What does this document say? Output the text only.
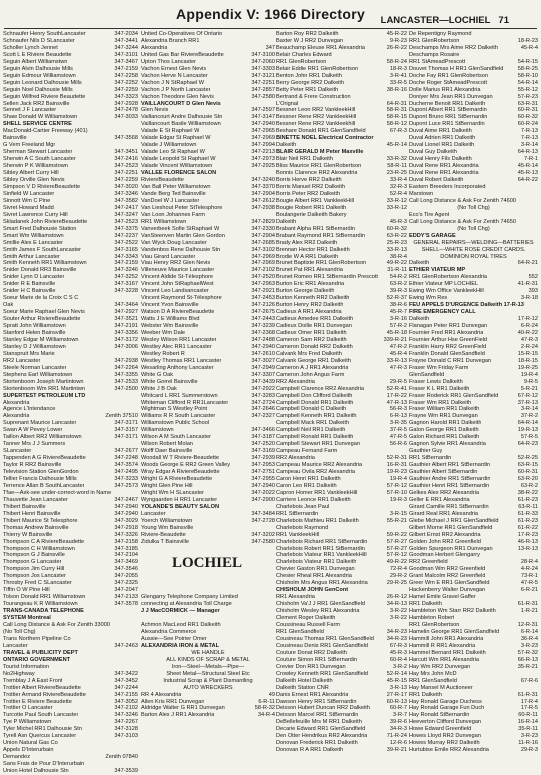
Appendix V: 1966 Directory	LANCASTER—LOCHIEL 71
Schnaufer Henry SouthLancaster	347-2034
Schnaufer Nils D SLancaster	347-3441
Scholler Lynch Jennet	347-3244
Scott L E Riviere Beaudette	347-3101
Seguin Albert Williamstwn	347-3467
Seguin Alvin Dalhousie Mills	347-2159
Seguin Edmour Williamstown	347-2258
Seguin Leonard Dalhousie Mills	347-2252
Seguin Noel Dalhousie Mills	347-2259
Seguin Wilfred Riviere Beaudette	347-3323
Sellen Jack RR2 Bainsville	347-2928
Sennet J F Lancaster	347-2478
Shaw Donald W Williamstown	347-3033
SHELL SERVICE CENTRE
MacDonald-Cartier Freeway (401)
Bainsville	347-3568
G Vern Freeland Mgr
Sherman Stewart Lancaster	347-3451
Sherwin A C South Lancaster	347-2416
Sherwin P K Williamstown	347-2523
Sibley Albert Curry Hill	347-2251
Sibley Orville Glen Nevis	347-2259
Simpson V D RiviereBeaudette	347-3020
Sinfield W Lancaster	347-3346
Sinnott Wm C Pine	347-3582
Sivret Howard Madd	347-2417
Sivret Lawrence Curry Hill	347-3247
Skladanek John RiviereBeaudette	347-2523
Smart Fred Dalhousie Station	347-3375
Smart Wm Williamstown	347-2237
Smillie Alex E Lancaster	347-2522
Smith James F SouthLancaster	347-3165
Smith Arthur Lancaster	347-3343
Smith Kenneth RR1 Williamstown	347-2159
Snider Donald RR3 Bainsville	347-3246
Snider Lynn D Lancaster	347-3252
Snider R E Bainsville	347-3167
Snider H C Bainsville	347-3228
Soeur Marie de la Croix C S C
Oak	347-3464
Soeur Marie Raphael Glen Nevis	347-2927
Souter Arthur RiviereBeaudette	347-3521
Spratt John Williamstown	347-2191
Stanford Helen Bainsville	347-3356
Stanley Edgar M Williamstown	347-3172
Stanley D J Williamstown	347-3006
Stanspruit Mrs Marie
RR2 Lancaster	347-2938
Steele Norman Lancaster	347-2264
Stephens Earl Williamstown	347-3355
Stortenboom Joseph Martintown	347-2533
Stortenboom Wm RR1 Martintwn	347-2500
SUPERTEST PETROLEUM LTD
Alexandria
Agence L'Intendance
Alexandria	Zenith 37510
Suprenant Maurice Lancaster	347-3171
Swan A W Pevey Lower	347-3157
Taillon Albert RR2 Williamstown	347-3171
Tanner Mrs J J Summers
SLancaster	347-2677
Tappenden A G RiviereBeaudette	347-2248
Taylor R RR2 Bainsville	347-3574
Television Station GlenGordon	347-2495
Tellier Francis Dalhousie Mills	347-3233
Terrence Allan B SouthLancaster	347-2573
Tfae—Ask-see under-correct-word in Name
Thauvette Jean Lancaster	347-2467
Thibert Bainsville	347-2940
Thibert Henri Bainsville	347-2940
Thibert Maurice St Telesphore	347-3029
Thomas Andrew Bainsville	347-2918
Thierry W Bainsville	347-3326
Thompson C A RiviereBeaudette	347-2158
Thompson C H Williamstown	347-3185
Thompson G J Bainsville	347-2104
Thompson G Lancaster	347-3469
Thompson Jim Curry Hill	347-3546
Thompson Jos Lancaster	347-2055
Throsby Fred C SLancaster	347-2325
Tiffin O W Pine Hill	347-2047
Tolson Donald RR1 Williamstown	347-2133
Tourangeau K R Williamstown	347-3578
TRANS-CANADA TELEPHONE
SYSTEM Montreal
Call Long Distance & Ask For Zenith 33000
(No Toll Chg)
Trans Northern Pipeline Co
Lancaster	347-2463
TRAVEL & PUBLICITY DEPT
ONTARIO GOVERNMENT
Tourist Information
No2Highway	347-3422
Tremblay J A East Front	347-3452
Trottier Albert RiviereBeaudette	347-2244
Trottier Armand RiviereBeaudette	347-2155
Trottier E Riviere Beaudette	347-3052
Trottier O Lancaster	347-2102
Turcotte Paul South Lancaster	347-3246
Tye P Williamstown	347-2267
Tyler Michel RR1 Dalhousie Stn	347-3128
Tyrell Asn Quercus Lancaster	347-3103
Union Natural Gas Co
Appels D'Interurbain
Demandez	Zenith 07840
Sans Frais de Pour D'Interurbain
Union Hotel Dalhousie Stn	347-3539
United Co-Operatives Of Ontario
Alexandria Branch RR1
Alexandria	347
United Gas Bar RiviereBeaudette	347-3100
Upton Thos Lancaster	347-2060
Vachon Ernest Glen Nevis	347-3303
Vachon Herve N Lancaster	347-3121
Vachon J N StRaphael W	347-2251
Vachon J P North Lancaster	347-2857
Vachon Theodore Glen Nevis	347-2580
VAILLANCOURT D Glen Nevis
Glen Nevis	347-2597
Vaillancourt Andre Dalhousie Stn	347-3147
Vaillancourt Basile Williamstown	347-2940
Valade E St Raphael W	347-2965
Valade Edgar St Raphael W	347-2969
Valade J Williamstown	347-2994
Valade Leo St Raphael W	347-2213
Valade Leopold St Raphael W	347-2973
Valade Vincent Williamstown	347-2925
VALLEE FLORENCE SALON
RiviereBeaudette	347-3240
Van Ball Peter Williamstown	347-3370
Vande Berg Ted Bainsville	347-2904
VanDoel W J Lancaster	347-2612
Van Lieshout Peter StTelesphore	347-2938
Van Loon Johannes Farm
RR1 Williamstown	347-2829
Vanverbeek Sofie StRaphael W	347-2330
VanSteenven Martin Glen Gordon	347-2904
Van Wyck Doug Lancaster	347-2685
Vandenbos Rene Dalhousie Stn	347-3102
Viau Girard Lancaster	347-2969
Viau Henry RR2 Glen Nevis	347-2969
Villeneuve Maurice Lancaster	347-2102
Vincent Aldide St-Télesphore	347-2520
Vincent John StRaphaelWest	347-2963
Vincent Leo Landsancaster	347-2921
Vincent Raymond St-Télesphore	347-2453
Vincent Yvon Bainsville	347-2126
Watson D A RiviereBeaudette	347-2675
Watts J E Williams Blvd	347-2443
Webster Wm Bainsville	347-3239
Weeber Wm Dale	347-2368
Wesley Wilson RR1 Lancaster	347-2488
Westley Alec RR1 Lancaster	347-2940
Westley Robert R	347-2610
Westley Thomas RR1 Lancaster	347-3027
Wesarling Anthony Lancaster	347-2949
White G Oak	347-3307
White Gorrel Bainsville	347-3439
White J B Oak	347-2922
Whitcard L RR1 Summerstown	347-3283
Whiteman Clifford R RR1Lancaster	347-2724
Wightman S Westley Point	347-2646
Williams R R South Lancaster	347-2327
Williamstown Public School
Williamstown	347-3466
Wilson A M South Lancaster	347-3187
Wilson Robert Molan	347-2520
Wolff Daer Bainsville	347-3169
Woodall W T Riviere-Beaudette	347-2939
Woods George E RR2 Green Valley	347-2953
Wray Edgar A RiviereBeaudette	347-2751
Wright G A RiviereBeaudette	347-2955
Wright Glen Pine Hill	347-2940
Wright Wm H SLancaster	347-2022
Wyngaarden H RR1 Lancaster	347-2900
YOLANDE'S BEAUTY SALON
Lancaster	347-3484
Yoerch Williamstown	347-2728
Young Wm Bainsville
Riviere-Beaudette	347-3202
Zidulka T Bainsville	347-2580

Glengarry Telephone Company Limited
connecting at Alexandria Toll Charge
J J MacCORMICK — Manager

Achmon MacLeod RR1 Dalkeith
Alexandria Commerce
Aussie—See Poirier Omer
ALEXANDRIA IRON & METAL
WE HANDLE
ALL KINDS OF SCRAP & METAL
Iron—Steel—Metals—Pipe—
Sheet Metal—Structural Steel Etc
Industrial Scrap & Plant Dismantling
AUTO WRECKERS
RR 4 Alexandria	49
Allen Kris RR1 Dunvegan	6-R-11
Aldridge Walter G RR1 Dunvegan	58-R-32
Barton Alex J RR1 Alexandria	34-R-4
Barton Roy RR2 Dalkeith	45-R-22
Baxter W J RR2 Dunvegan	9-R-23
Beauchamp Eleuse RR1 Alexandria	26-R-22
Belair Charles Edward
RR1 GlenRobertson	58-R-24
Belair Eddie RR1 GlenRobertson	18-R-3
Benton John RR1 Dalkeith	3-R-41
Berry George RR2 Dalkeith	33-R-5
Betty Peter RR1 Dalkeith	38-R-16
Bertrand & Frere Construction
L'Orignal	64-R-31
Bessner Leon RR2 VankleekHill	58-R-31
Bessner Rene RR2 VankleekHill	58-R-15
Bessner Rene RR2 Vankleekhill	58-R-12
Beshare Donald RR1 GlenSandfield	67-R-3
BINETTE NOEL Electrical Contractor
Dalkeith	45-R-14
BLAIR GERALD M Peter Maxville
Blair Neil RR1 Dalkeith	33-R-32
Bliss Maurice RR1 GlenRobertson	58-R-11
Bonnis Clarence RR2 Alexandria	23-R-25
Borris Herve RR2 Dalkeith	33-R-4
Borris Manuel RR2 Dalkeith	32-R-3
Borris Peter RR2 Dalkeith	52-R-4
Bougie Albert RR1 VankleekHill	33-R-12
Bougie Robert RR1 Dalkeith	33-R-12
Boulangerie Dalkeith Bakery
Dalkeith	45-R-3
Brabant Alpha RR1 StBernardin	60-R-32
Brabant Raymond RR1 StBernardin	63-R-22
Brady Alex RR2 Dalkeith	25-R-23
Brennan Hector RR1 Dalkeith	33-R-13
Brodie W A RR1 Dalkeith	38-R-4
Brunet Baptiste RR1 GlenRobertson	49-R-22
Brunet Pat RR1 Alexandria	31-R-11
Brunet Romeo RR1 StBernardin Prescott	54-R-2
Burton Eric RR1 Alexandria	63-R-2
Burton George Dalkeith	39-R-3
Burton Kenneth RR2 Dalkeith	52-R-37
Burton Henry RR2 Dalkeith	38-R-6
Cadieux A RR1 Alexandria	45-R-7
Cadieux Amedee RR1 Dalkeith	3-R-16
Cadieux Doille RR1 Dunvegan	57-R-2
Cadieux Omer RR1 Dalkeith	45-R-18
Cameron Sam RR2 Dalkeith	339-R-21
Cameron Donald RR2 Dalkeith	47-R-2
Calvank Mrs Fred Dalkeith	45-R-4
Calvank George RR1 Dalkeith	33-R-13
Cameron A J RR1 Alexandria	47-R-3
Cameron John Angus Farm
RR2 Alexandria	29-R-5
Campbell Clarence RR2 Alexandria	52-R-41
Campbell Don Clifford Dalkeith	17-R-22
Campbell Donald RR1 Dalkeith	47-R-13
Campbell Donald C Dalkeith	56-R-3
Campbell Kenneth RR1 Dalkeith	6-R-13
Campbell Mack RR1 Dalkeith	3-R-35
Campbell Neil RR1 Dalkeith	37-R-5
Campbell Ronald RR1 Dalkeith	47-R-5
Campbell Stewart RR1 Dunvegan	56-R-6
Campeau Fernand Farm
RR2 Alexandria	52-R-31
Campeau Maurice RR2 Alexandria	16-R-31
Campeau Ovila RR2 Alexandria	19-R-23
Caron Henri RR1 Dalkeith	19-R-4
Caron Leo RR1 Dalkeith	57-R-12
Capron Homer RR1 VankleekHill	57-R-10
Carriere Leonce RR1 Dalkeith	19-R-3
Charlebois Jean Paul
RR1 StBernardin	3-R-15
Charlebois Mathieu RR1 Dalkeith	55-R-21
Charlebois Raymond
RR1 VankleekHill	59-R-22
Charlebois Richard RR1 StBernardin	57-R-27
Charlebois Robert RR1 StBernardin	57-R-27
Charlebois Viateur RR1 VankleekHill	57-R-12
Charlebois Viateur RR1 Dalkeith	49-R-22
Chevier Gaston RR1 Dunvegan	72-R-4
Chesier Rheal RR1 Alexandria	29-R-2
Chisholm Mrs Angus RR1 Alexandria	29-R-25
CHISHOLM JOHN GenCont
RR1 Alexandria	26-R-12
Chisholm Va'J J RR1 GlenSandfield	34-R-13
Chisholm Wesley RR1 Alexandria	3-R-22
Clement Roger Dalkeith	3-R-22
Coussineau Russell Farm
RR1 GlenSandfield	34-R-23
Cousineau Thomas RR1 GlenSandfield	34-R-23
Cousineau Denis RR1 GlenSandfield	67-R-3
Couture Donat RR2 Dalkeith	45-R-3
Couture Simon RR1 StBernardin	60-R-4
Crevier Don RR1 Dunvegan	3-R-2
Crowley Kenneth RR1 GlenSandfield	52-R-14
Dalkeith Hotel Dalkeith	45-R-15
Dalkeith Station CNR	3-R-13
Danis Ernest RR1 Alexandria	27-R-17
Dawson Henry RR1 StBernardin	60-R-13
Deisson Hubert Duncan RR2 Dalkeith	60-R-7
Deisson Marcel RR1 StBernardin	3-R-7
DeBellefeuille Mrs M RR1 Dalkeith	39-R-6
Decarie Edward RR1 GlenSandfield	34-R-3
Den Otter Hendrikus RR2 Alexandria	71-R-24
Donovan Frederick RR1 Dalkeith	12-R-6
Donovan R A RR1 Dalkeith	39-R-21
De Repentigny Raymond
RR1 GlenRobertson	18-R-23
Deschamps Mrs Aime RR2 Dalkeith	45-R-4
Deschamps Rosaire
RR1 StAmeadPrescott	54-R-15
Douvet Thomas H RR1 GlenSandfield	58-R-25
Doche Fay RR1 GlenRobertson	58-R-10
Doche Roger StAmeadPrescott	54-R-14
Dolle Marius RR1 Alexandria	55-R-12
Doniyer Mrs Jean RR1 Dunvegan	57-R-23
Ducherne Benoit RR1 Dalkeith	63-R-31
Dupont Albert RR1 StBernardin	60-R-31
Dupont Bruno RR1 StBernardin	60-R-32
Dupont Luce RR1 StBernardin	60-R-24
Duval Aime RR1 Dalkeith	7-R-13
Duval Adrien RR1 Dalkeith	7-R-13
Duval Lionel RR1 Dalkeith	3-R-14
Duval Guy Dalkeith	64-R-13
Duval Henry Fils Dalkeith	7-R-1
Duval Rene RR1 Alexandria	45-R-14
Duval Rene RR1 Alexandria	45-R-13
Duval Robert Dalkeith	64-R-22
Eastern Breeders Incorporated
Marstown
Call Long Distance & Ask For Zenith 74600
(No Toll Chg)
Eco's Tire Agent
Call Long Distance & Ask For Zenith 74650
(No Toll Chg)
EDDY'S GARAGE
GENERAL REPAIRS—WELDING—BATTERIES
SHELL—WHITE ROSE CREDIT CARDS.
DOMINION ROYAL TIRES
Dalkeith	64-R-21
ETHIER VIATEUR MP
RR1 GlenRobertson Alexandria	552
Ethier Viateur MP LOCHIEL	41-R-31
Ewing Wm Office VankleekHill	393
Ewing Wm Res	3-R-18
FEU APPELS D'URGENCE Dalkeith 17-R-13
FIRE EMERGENCY CALL
Dalkeith	17-R-12
Flanagan Peter RR1 Dunvegan	6-R-24
Fournier Fred RR1 Alexandria	40-R-22
Fournier Arthur Hse GreenField	47-R-3
Franklin Harry RR2 GreenField	2-R-24
Franklin Donald GlenSandfield	15-R-15
Frayne Donald C RR1 Dunvegan	18-R-15
Fraser Wm Friday Farm	19-R-25
GlenSandfield	19-R-4
Fraser Lewis Dalkeith	9-R-5
Fraser K L RR1 Dalkeith	5-R-21
Fraser Roderick RR1 GlenSandfield	67-R-12
Fraser Wm RR1 Dalkeith	37-R-13
Fraser William RR1 Dalkeith	3-R-14
Frayne Wm RR1 Dunvegan	37-R-2
Gagnon Harold RR1 Dalkeith	64-R-14
Galon George RR1 Dalkeith	19-R-13
Galon Richard RR1 Dalkeith	57-R-5
Gagnon Sylvie RR1 Alexandria	64-R-23
Gauthier Guy
RR1 StBernardin	52-R-25
Gauthier Albert RR1 StBernardin	63-R-15
Gauthier Albert StBernardin	60-R-31
Gauthier Andre RR1 StBernardin	63-R-20
Gauthier Henri RR1 StBernardin	63-R-2
Gelkes Alex RR2 Alexandria	38-R-22
Geller E RR1 Alexandria	61-R-23
Girard Camille RR1 StBernardin	63-R-11
Girard Real RR1 Alexandria	61-R-33
Glebe Michael J RR1 GlenSandfield	61-R-23
Gilbert Morne RR1 GlenSandfield	61-R-22
Gilbert Ernst RR2 Alexandria	17-R-23
Golden John RR2 Greenfield	46-R-13
Golden Spurgeon RR1 Dunvegan	13-R-13
Goodman Herbert Glengarry
RR2 Greenfield	28-R-4
Goodman Wm RR2 Greenfield	4-R-24
Grant Malcolm RR2 Greenfield	73-R-1
Greer Wm E RR1 GlenSandfield	47-R-5
Hackenberry Walter Dunvegan	6-R-21
Hamel Emile Gravel Gaffer
RR1 Dalkeith	61-R-31
Hambleton Wm Starr RR2 Dalkeith	1-R-21
Hambleton Robert
RR1 GlenRobertson	12-R-31
Hamelin George RR1 GlenSandfield	6-R-14
Hammill John RR1 Alexandria	36-R-4
Hammill R RR1 Alexandria	3-R-23
Hammel Bernard RR1 Dalkeith	57-R-32
Harcutt Wm RR1 Alexandria	66-R-13
Hay Wm RR2 Dunvegan	35-R-21
Hay Mrs John McD
RR1 GlenSandfield	67-R-6
Hay Mansel M Auctioneer
RR1 Dalkeith	61-R-31
Hay Ronald Garage Duchess	17-R-4
Hay Ronald Garage Fun Duch	17-R-5
Hay Ronald StBernardin	60-R-11
Heeverton Clifford Dunvegan	16-R-14
Howe Edward Greenfield	35-R-11
Howes Lloyd RR2 Dunvegan	3-R-23
Howes Murray RR2 Dalkeith	11-R-16
Hurtubise Emile RR2 Alexandria	29-R-3
LOCHIEL
